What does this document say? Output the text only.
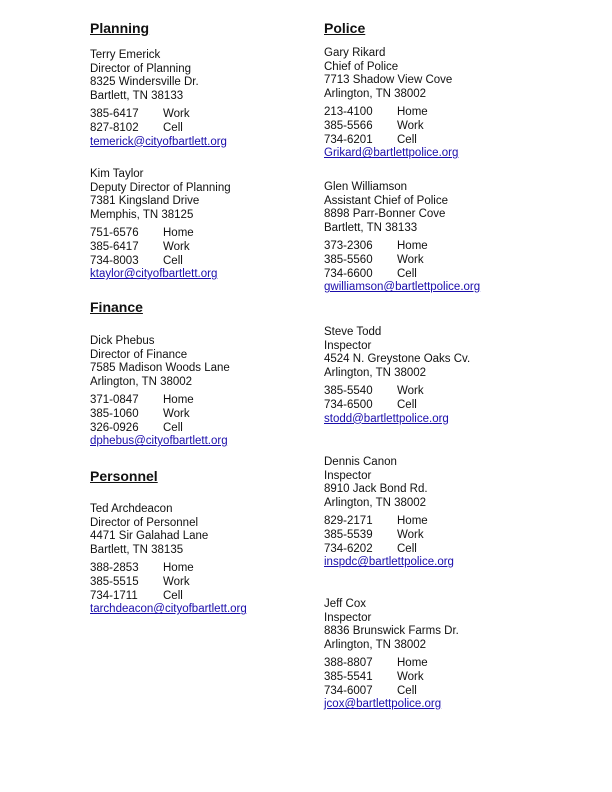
Planning
Terry Emerick
Director of Planning
8325 Windersville Dr.
Bartlett, TN 38133
385-6417 Work
827-8102 Cell
temerick@cityofbartlett.org
Kim Taylor
Deputy Director of Planning
7381 Kingsland Drive
Memphis, TN 38125
751-6576 Home
385-6417 Work
734-8003 Cell
ktaylor@cityofbartlett.org
Finance
Dick Phebus
Director of Finance
7585 Madison Woods Lane
Arlington, TN 38002
371-0847 Home
385-1060 Work
326-0926 Cell
dphebus@cityofbartlett.org
Personnel
Ted Archdeacon
Director of Personnel
4471 Sir Galahad Lane
Bartlett, TN 38135
388-2853 Home
385-5515 Work
734-1711 Cell
tarchdeacon@cityofbartlett.org
Police
Gary Rikard
Chief of Police
7713 Shadow View Cove
Arlington, TN 38002
213-4100 Home
385-5566 Work
734-6201 Cell
Grikard@bartlettpolice.org
Glen Williamson
Assistant Chief of Police
8898 Parr-Bonner Cove
Bartlett, TN 38133
373-2306 Home
385-5560 Work
734-6600 Cell
gwilliamson@bartlettpolice.org
Steve Todd
Inspector
4524 N. Greystone Oaks Cv.
Arlington, TN 38002
385-5540 Work
734-6500 Cell
stodd@bartlettpolice.org
Dennis Canon
Inspector
8910 Jack Bond Rd.
Arlington, TN 38002
829-2171 Home
385-5539 Work
734-6202 Cell
inspdc@bartlettpolice.org
Jeff Cox
Inspector
8836 Brunswick Farms Dr.
Arlington, TN 38002
388-8807 Home
385-5541 Work
734-6007 Cell
jcox@bartlettpolice.org
